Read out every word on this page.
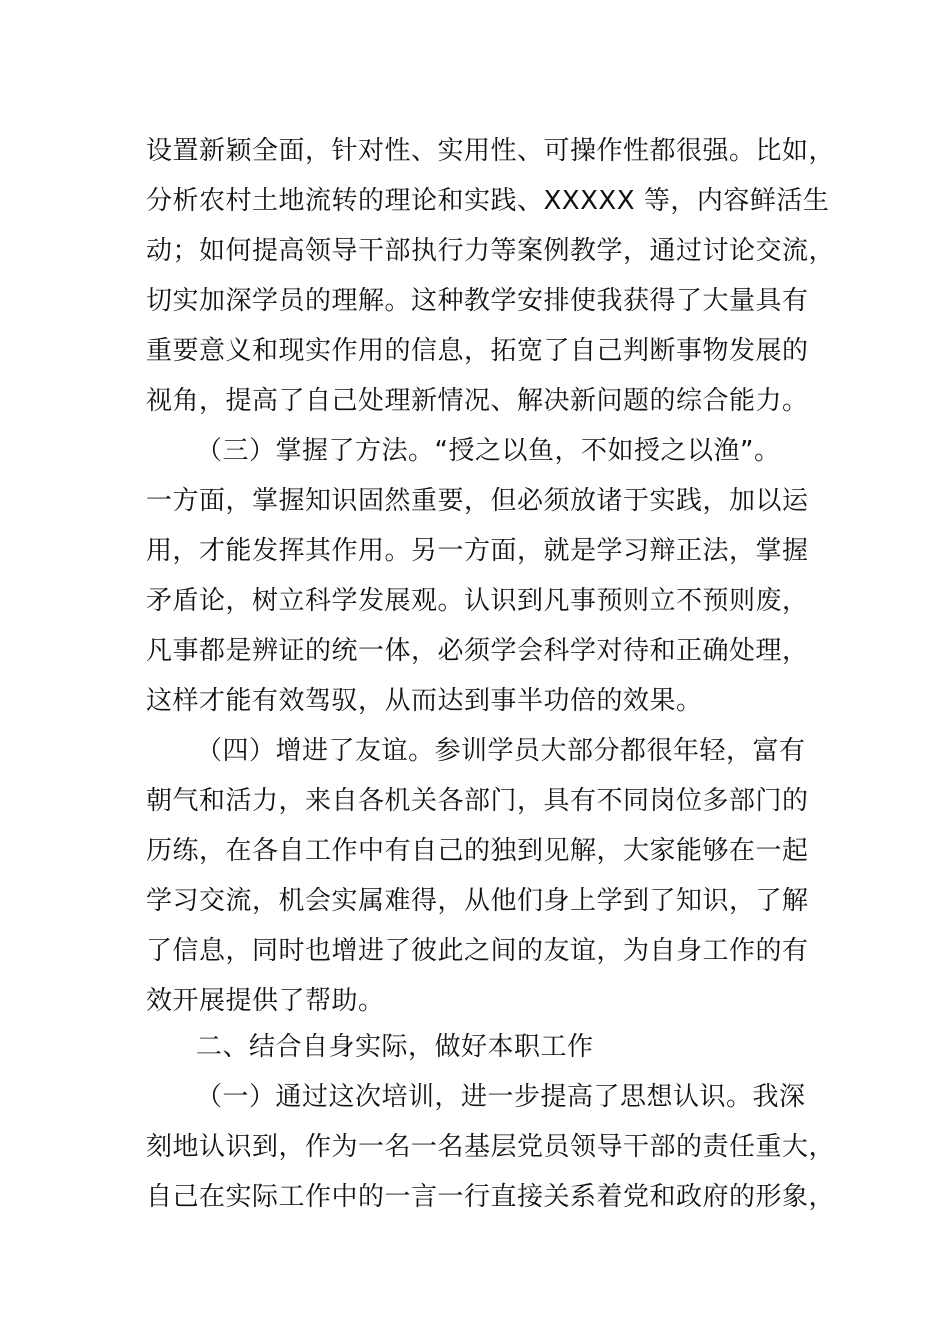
设置新颖全面，针对性、实用性、可操作性都很强。比如，
分析农村土地流转的理论和实践、XXXXX 等，内容鲜活生
动；如何提高领导干部执行力等案例教学，通过讨论交流，
切实加深学员的理解。这种教学安排使我获得了大量具有
重要意义和现实作用的信息，拓宽了自己判断事物发展的
视角，提高了自己处理新情况、解决新问题的综合能力。
（三）掌握了方法。“授之以鱼，不如授之以渔”。
一方面，掌握知识固然重要，但必须放诸于实践，加以运
用，才能发挥其作用。另一方面，就是学习辩正法，掌握
矛盾论，树立科学发展观。认识到凡事预则立不预则废，
凡事都是辨证的统一体，必须学会科学对待和正确处理，
这样才能有效驾驭，从而达到事半功倍的效果。
（四）增进了友谊。参训学员大部分都很年轻，富有
朝气和活力，来自各机关各部门，具有不同岗位多部门的
历练，在各自工作中有自己的独到见解，大家能够在一起
学习交流，机会实属难得，从他们身上学到了知识，了解
了信息，同时也增进了彼此之间的友谊，为自身工作的有
效开展提供了帮助。
二、结合自身实际，做好本职工作
（一）通过这次培训，进一步提高了思想认识。我深
刻地认识到，作为一名一名基层党员领导干部的责任重大，
自己在实际工作中的一言一行直接关系着党和政府的形象，
